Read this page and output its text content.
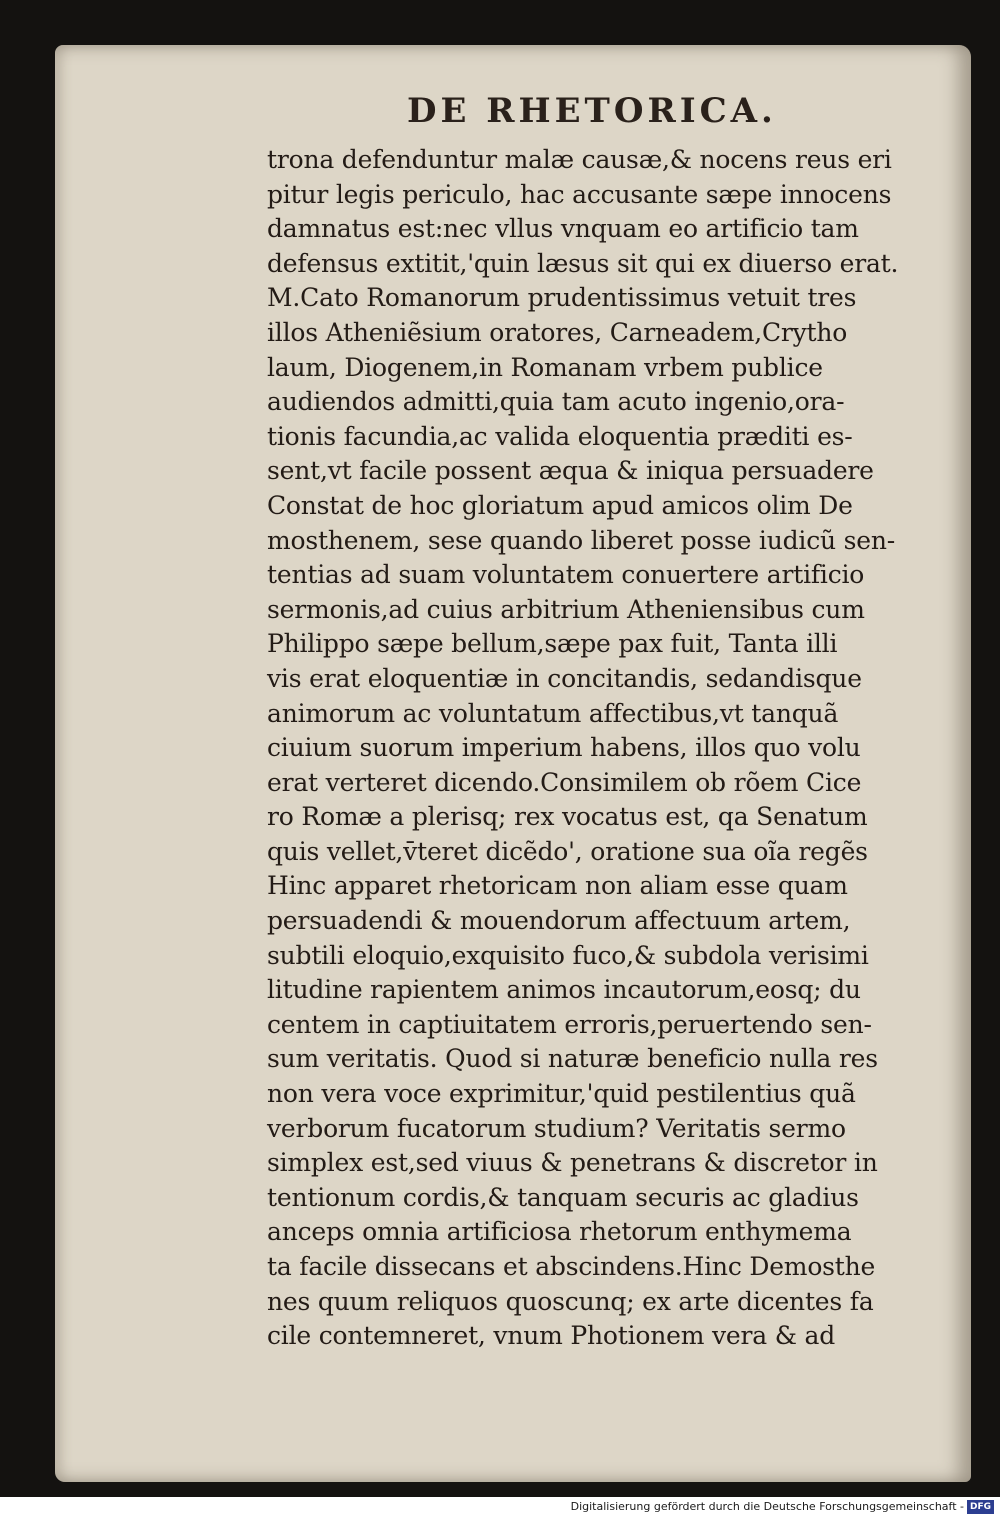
DE RHETORICA.
trona defenduntur malæ causæ,& nocens reus eri
pitur legis periculo, hac accusante sæpe innocens
damnatus est:nec vllus vnquam eo artificio tam
defensus extitit,'quin læsus sit qui ex diuerso erat.
M.Cato Romanorum prudentissimus vetuit tres
illos Atheniẽsium oratores, Carneadem,Crytho
laum, Diogenem,in Romanam vrbem publice
audiendos admitti,quia tam acuto ingenio,ora-
tionis facundia,ac valida eloquentia præditi es-
sent,vt facile possent æqua & iniqua persuadere
Constat de hoc gloriatum apud amicos olim De
mosthenem, sese quando liberet posse iudicũ sen-
tentias ad suam voluntatem conuertere artificio
sermonis,ad cuius arbitrium Atheniensibus cum
Philippo sæpe bellum,sæpe pax fuit, Tanta illi
vis erat eloquentiæ in concitandis, sedandisque
animorum ac voluntatum affectibus,vt tanquã
ciuium suorum imperium habens, illos quo volu
erat verteret dicendo.Consimilem ob rõem Cice
ro Romæ a plerisq; rex vocatus est, qa Senatum
quis vellet,v̄teret dicẽdo', oratione sua oĩa regẽs
Hinc apparet rhetoricam non aliam esse quam
persuadendi & mouendorum affectuum artem,
subtili eloquio,exquisito fuco,& subdola verisimi
litudine rapientem animos incautorum,eosq; du
centem in captiuitatem erroris,peruertendo sen-
sum veritatis. Quod si naturæ beneficio nulla res
non vera voce exprimitur,'quid pestilentius quã
verborum fucatorum studium? Veritatis sermo
simplex est,sed viuus & penetrans & discretor in
tentionum cordis,& tanquam securis ac gladius
anceps omnia artificiosa rhetorum enthymema
ta facile dissecans et abscindens.Hinc Demosthe
nes quum reliquos quoscunq; ex arte dicentes fa
cile contemneret, vnum Photionem vera & ad
Digitalisierung gefördert durch die Deutsche Forschungsgemeinschaft - DFG
